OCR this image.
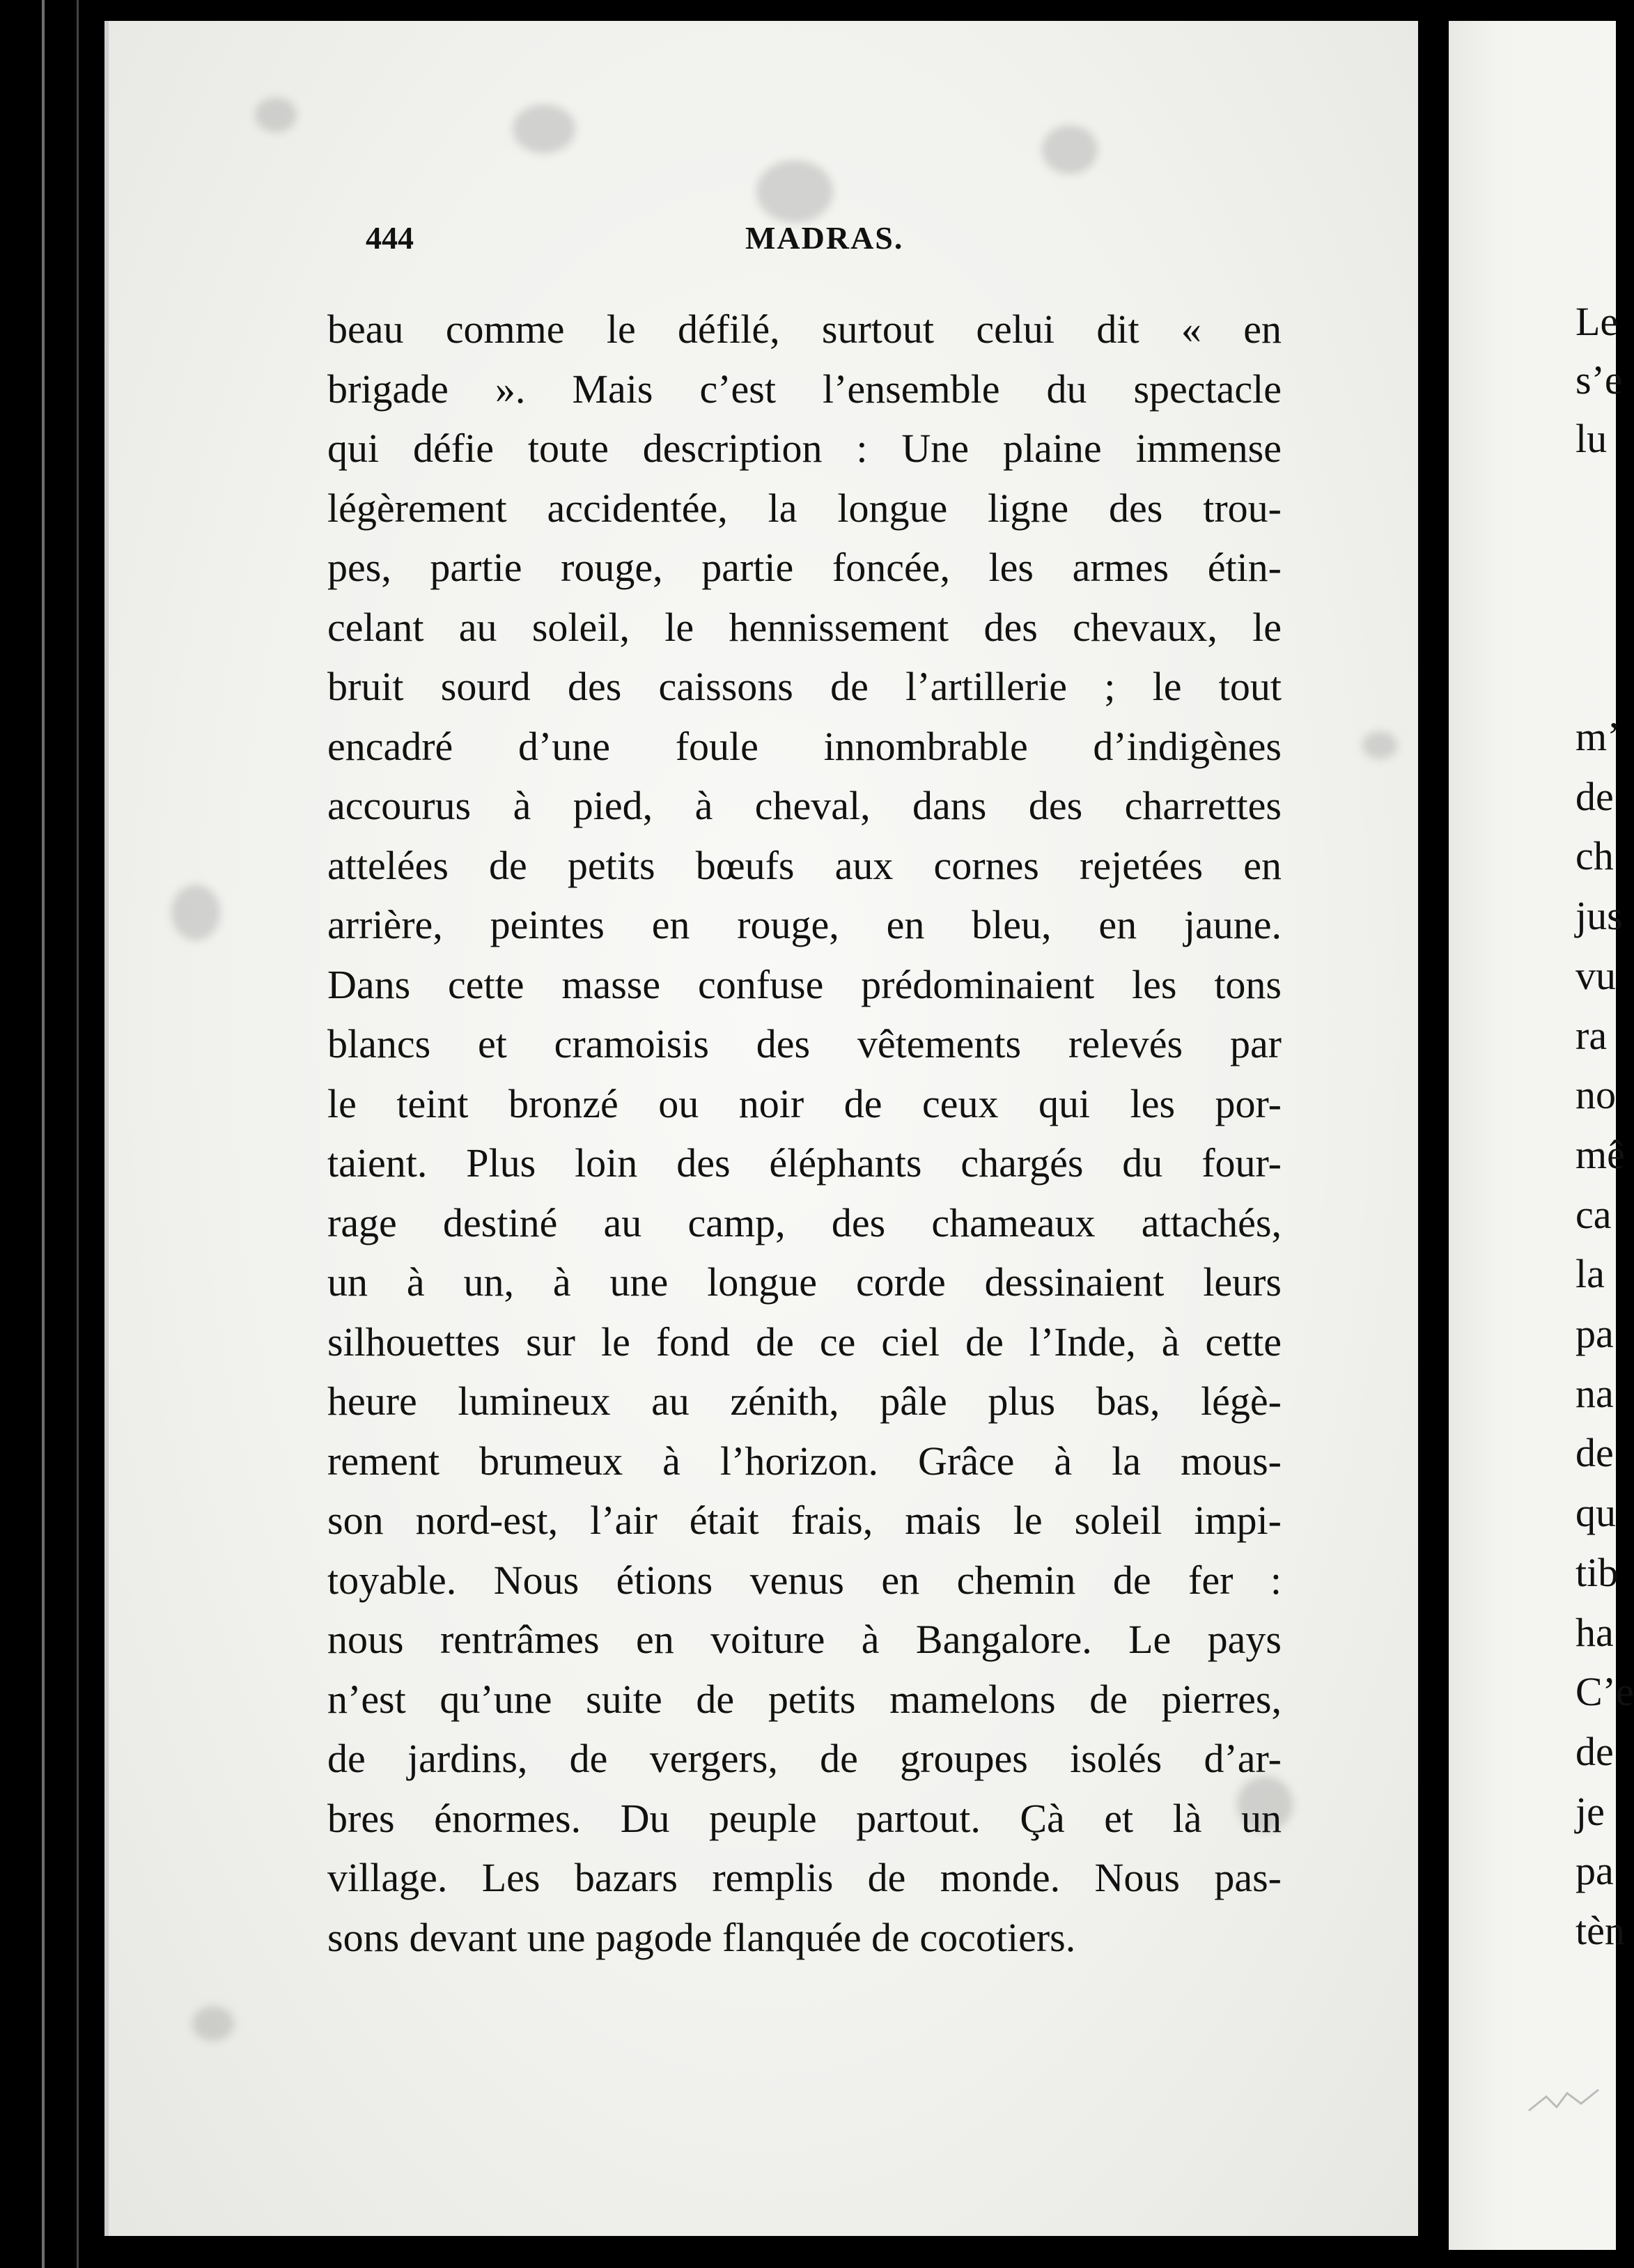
444	MADRAS.
beau comme le défilé, surtout celui dit « en
brigade ». Mais c’est l’ensemble du spectacle
qui défie toute description : Une plaine immense
légèrement accidentée, la longue ligne des trou-
pes, partie rouge, partie foncée, les armes étin-
celant au soleil, le hennissement des chevaux, le
bruit sourd des caissons de l’artillerie ; le tout
encadré d’une foule innombrable d’indigènes
accourus à pied, à cheval, dans des charrettes
attelées de petits bœufs aux cornes rejetées en
arrière, peintes en rouge, en bleu, en jaune.
Dans cette masse confuse prédominaient les tons
blancs et cramoisis des vêtements relevés par
le teint bronzé ou noir de ceux qui les por-
taient. Plus loin des éléphants chargés du four-
rage destiné au camp, des chameaux attachés,
un à un, à une longue corde dessinaient leurs
silhouettes sur le fond de ce ciel de l’Inde, à cette
heure lumineux au zénith, pâle plus bas, légè-
rement brumeux à l’horizon. Grâce à la mous-
son nord-est, l’air était frais, mais le soleil impi-
toyable. Nous étions venus en chemin de fer :
nous rentrâmes en voiture à Bangalore. Le pays
n’est qu’une suite de petits mamelons de pierres,
de jardins, de vergers, de groupes isolés d’ar-
bres énormes. Du peuple partout. Çà et là un
village. Les bazars remplis de monde. Nous pas-
sons devant une pagode flanquée de cocotiers.
Le
s’e
lu
m’
de
ch
jus
vu
ra
no
mê
ca
la
pa
na
de
qu
tib
ha
C’e
de
je
pa
tèn
